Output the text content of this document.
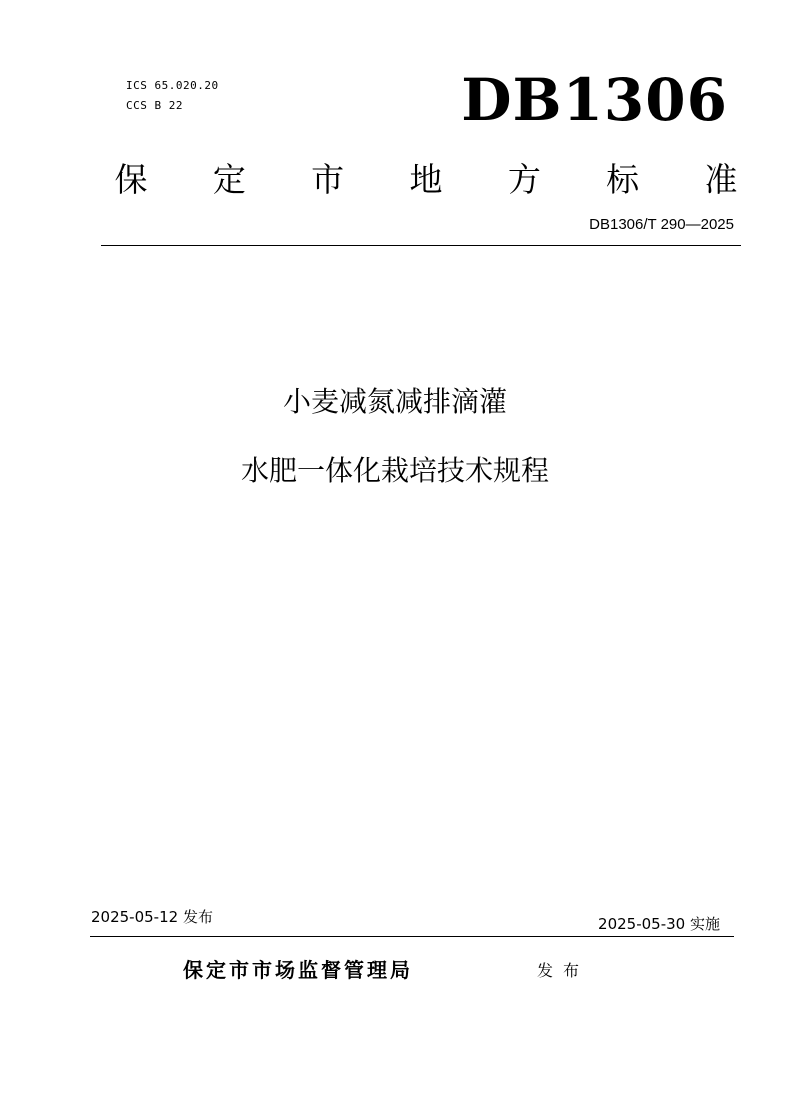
ICS 65.020.20
CCS B 22	DB1306
保 定 市 地 方 标 准
DB1306/T 290—2025
小麦减氮减排滴灌
水肥一体化栽培技术规程
2025-05-12 发布	2025-05-30 实施
保定市市场监督管理局	发布
